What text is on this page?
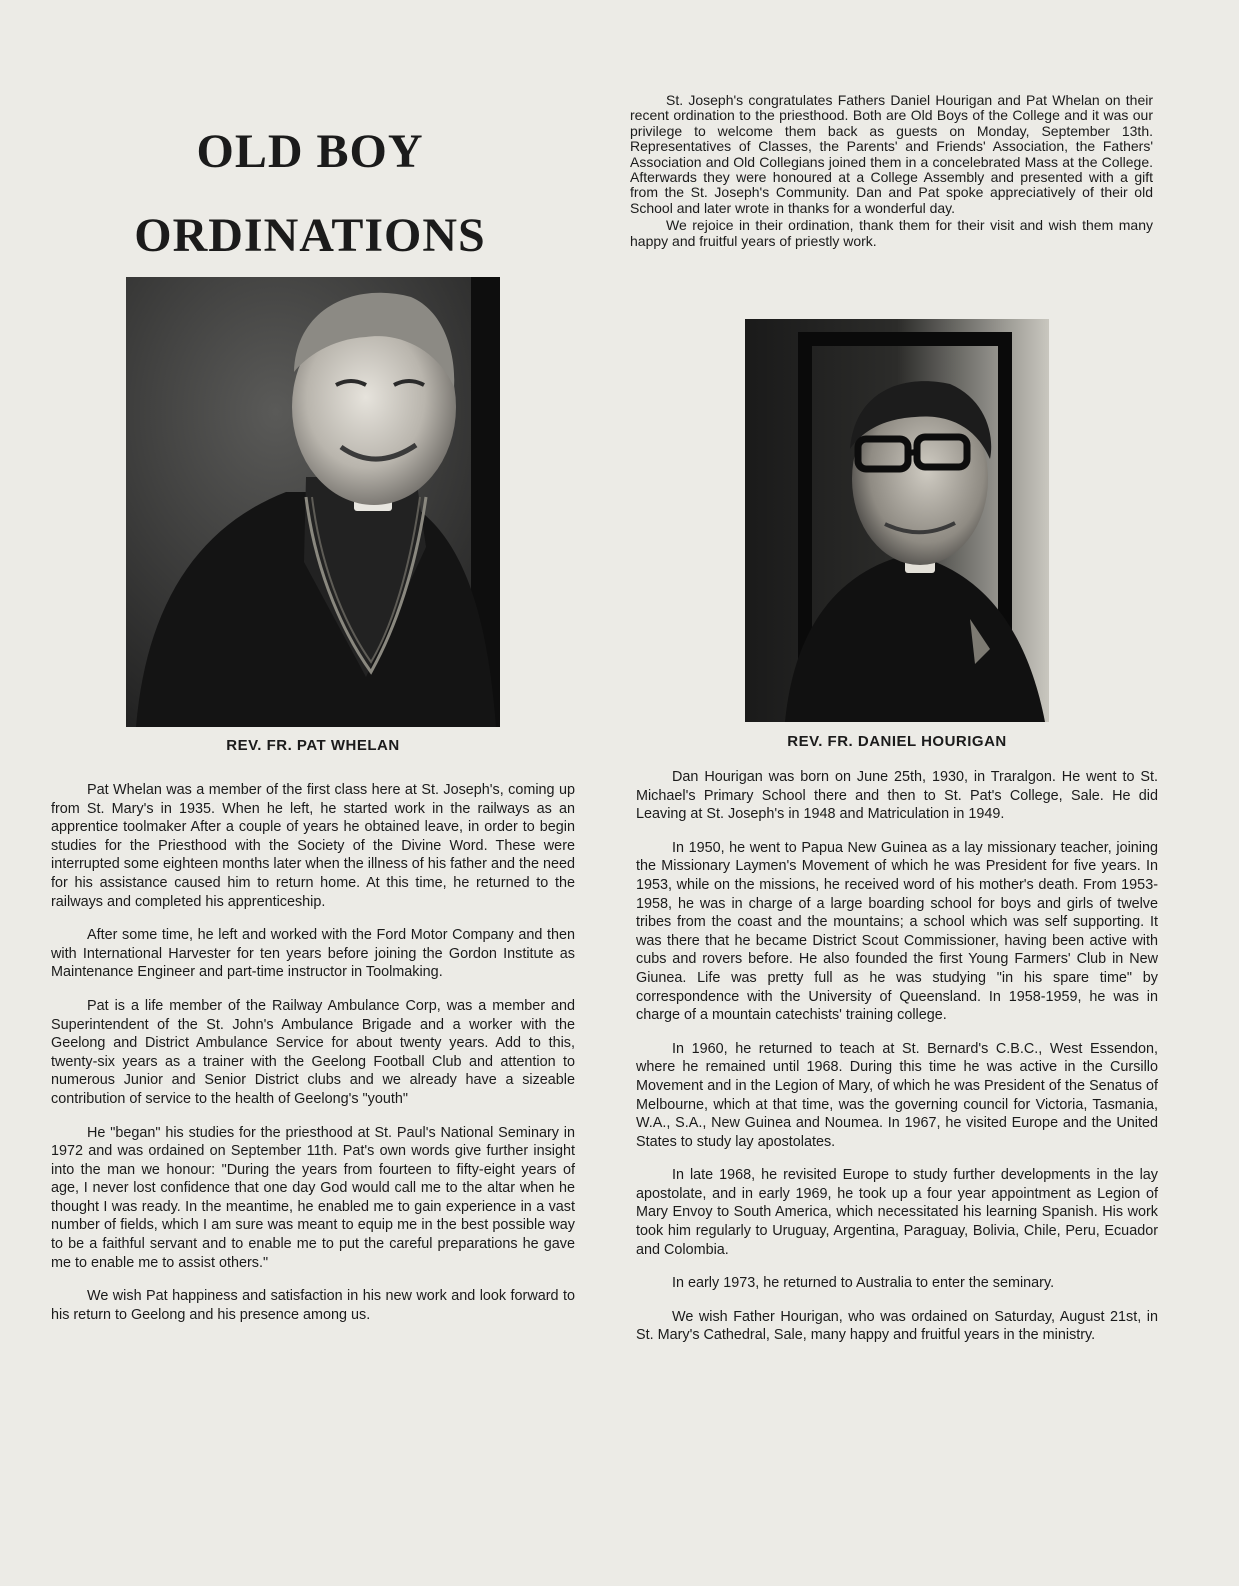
OLD BOY
ORDINATIONS

St. Joseph's congratulates Fathers Daniel Hourigan and Pat Whelan on their recent ordination to the priesthood. Both are Old Boys of the College and it was our privilege to welcome them back as guests on Monday, September 13th. Representatives of Classes, the Parents' and Friends' Association, the Fathers' Association and Old Collegians joined them in a concelebrated Mass at the College. Afterwards they were honoured at a College Assembly and presented with a gift from the St. Joseph's Community. Dan and Pat spoke appreciatively of their old School and later wrote in thanks for a wonderful day.

We rejoice in their ordination, thank them for their visit and wish them many happy and fruitful years of priestly work.

REV. FR. PAT WHELAN	REV. FR. DANIEL HOURIGAN

Pat Whelan was a member of the first class here at St. Joseph's, coming up from St. Mary's in 1935. When he left, he started work in the railways as an apprentice toolmaker After a couple of years he obtained leave, in order to begin studies for the Priesthood with the Society of the Divine Word. These were interrupted some eighteen months later when the illness of his father and the need for his assistance caused him to return home. At this time, he returned to the railways and completed his apprenticeship.

After some time, he left and worked with the Ford Motor Company and then with International Harvester for ten years before joining the Gordon Institute as Maintenance Engineer and part-time instructor in Toolmaking.

Pat is a life member of the Railway Ambulance Corp, was a member and Superintendent of the St. John's Ambulance Brigade and a worker with the Geelong and District Ambulance Service for about twenty years. Add to this, twenty-six years as a trainer with the Geelong Football Club and attention to numerous Junior and Senior District clubs and we already have a sizeable contribution of service to the health of Geelong's "youth"

He "began" his studies for the priesthood at St. Paul's National Seminary in 1972 and was ordained on September 11th. Pat's own words give further insight into the man we honour: "During the years from fourteen to fifty-eight years of age, I never lost confidence that one day God would call me to the altar when he thought I was ready. In the meantime, he enabled me to gain experience in a vast number of fields, which I am sure was meant to equip me in the best possible way to be a faithful servant and to enable me to put the careful preparations he gave me to enable me to assist others."

We wish Pat happiness and satisfaction in his new work and look forward to his return to Geelong and his presence among us.

Dan Hourigan was born on June 25th, 1930, in Traralgon. He went to St. Michael's Primary School there and then to St. Pat's College, Sale. He did Leaving at St. Joseph's in 1948 and Matriculation in 1949.

In 1950, he went to Papua New Guinea as a lay missionary teacher, joining the Missionary Laymen's Movement of which he was President for five years. In 1953, while on the missions, he received word of his mother's death. From 1953-1958, he was in charge of a large boarding school for boys and girls of twelve tribes from the coast and the mountains; a school which was self supporting. It was there that he became District Scout Commissioner, having been active with cubs and rovers before. He also founded the first Young Farmers' Club in New Giunea. Life was pretty full as he was studying "in his spare time" by correspondence with the University of Queensland. In 1958-1959, he was in charge of a mountain catechists' training college.

In 1960, he returned to teach at St. Bernard's C.B.C., West Essendon, where he remained until 1968. During this time he was active in the Cursillo Movement and in the Legion of Mary, of which he was President of the Senatus of Melbourne, which at that time, was the governing council for Victoria, Tasmania, W.A., S.A., New Guinea and Noumea. In 1967, he visited Europe and the United States to study lay apostolates.

In late 1968, he revisited Europe to study further developments in the lay apostolate, and in early 1969, he took up a four year appointment as Legion of Mary Envoy to South America, which necessitated his learning Spanish. His work took him regularly to Uruguay, Argentina, Paraguay, Bolivia, Chile, Peru, Ecuador and Colombia.

In early 1973, he returned to Australia to enter the seminary.

We wish Father Hourigan, who was ordained on Saturday, August 21st, in St. Mary's Cathedral, Sale, many happy and fruitful years in the ministry.
